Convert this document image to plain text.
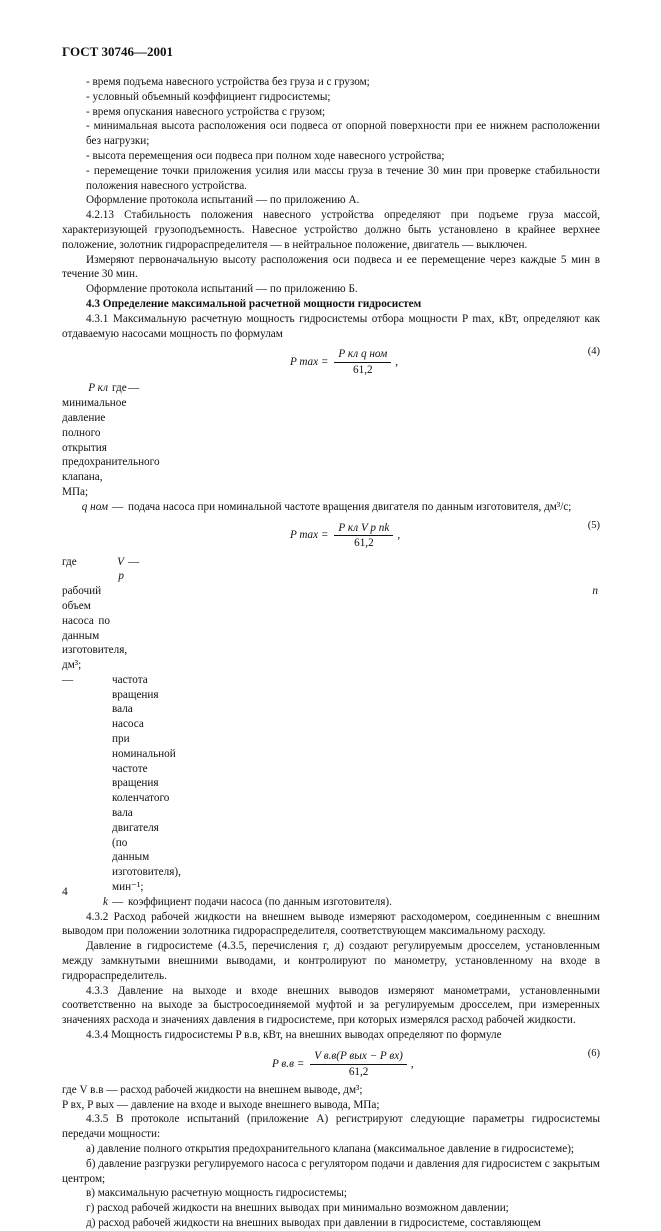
ГОСТ 30746—2001

- время подъема навесного устройства без груза и с грузом;

- условный объемный коэффициент гидросистемы;

- время опускания навесного устройства с грузом;

- минимальная высота расположения оси подвеса от опорной поверхности при ее нижнем расположении без нагрузки;

- высота перемещения оси подвеса при полном ходе навесного устройства;

- перемещение точки приложения усилия или массы груза в течение 30 мин при проверке стабильности положения навесного устройства.

Оформление протокола испытаний — по приложению А.

4.2.13 Стабильность положения навесного устройства определяют при подъеме груза массой, характеризующей грузоподъемность. Навесное устройство должно быть установлено в крайнее верхнее положение, золотник гидрораспределителя — в нейтральное положение, двигатель — выключен.

Измеряют первоначальную высоту расположения оси подвеса и ее перемещение через каждые 5 мин в течение 30 мин.

Оформление протокола испытаний — по приложению Б.

4.3 Определение максимальной расчетной мощности гидросистем

4.3.1 Максимальную расчетную мощность гидросистемы отбора мощности P max, кВт, определяют как отдаваемую насосами мощность по формулам

P $\max = \frac{\text{P кл q ном}}{61,2}$ ,
(4)
где
P кл —
минимальное давление полного открытия предохранительного клапана, МПа;
q ном — подача насоса при номинальной частоте вращения двигателя по данным изготовителя, дм³/с;
P $\max = \frac{\text{P кл V р nk}}{61,2}$ ,
(5)
где	V р
—
рабочий объем насоса по данным изготовителя, дм³;
n
—	частота вращения вала насоса при номинальной частоте вращения коленчатого вала двигателя (по данным изготовителя), мин⁻¹;
k — коэффициент подачи насоса (по данным изготовителя).

4.3.2 Расход рабочей жидкости на внешнем выводе измеряют расходомером, соединенным с внешним выводом при положении золотника гидрораспределителя, соответствующем максимальному расходу.

Давление в гидросистеме (4.3.5, перечисления г, д) создают регулируемым дросселем, установленным между замкнутыми внешними выводами, и контролируют по манометру, установленному на входе в гидрораспределитель.

4.3.3 Давление на выходе и входе внешних выводов измеряют манометрами, установленными соответственно на выходе за быстросоединяемой муфтой и за регулируемым дросселем, при измеренных значениях расхода и значениях давления в гидросистеме, при которых измерялся расход рабочей жидкости.

4.3.4 Мощность гидросистемы P в.в, кВт, на внешних выводах определяют по формуле

P $в.в = \frac{\text{V в.в(P вых − P вх)}}{61,2}$ ,
(6)

где V в.в — расход рабочей жидкости на внешнем выводе, дм³;

P вх, P вых — давление на входе и выходе внешнего вывода, МПа;

4.3.5 В протоколе испытаний (приложение А) регистрируют следующие параметры гидросистемы передачи мощности:

а) давление полного открытия предохранительного клапана (максимальное давление в гидросистеме);

б) давление разгрузки регулируемого насоса с регулятором подачи и давления для гидросистем с закрытым центром;

в) максимальную расчетную мощность гидросистемы;

г) расход рабочей жидкости на внешних выводах при минимально возможном давлении;

д) расход рабочей жидкости на внешних выводах при давлении в гидросистеме, составляющем

4
